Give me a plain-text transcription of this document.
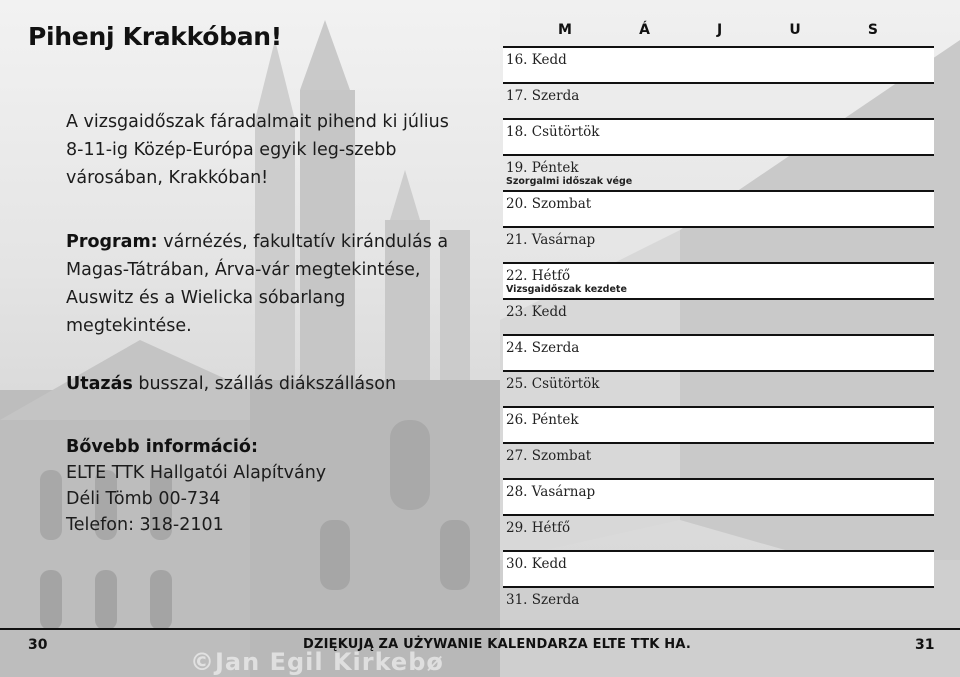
©Jan Egil Kirkebø
Pihenj Krakkóban!
A vizsgaidőszak fáradalmait pihend ki július 8-11-ig Közép-Európa egyik leg-szebb városában, Krakkóban!
Program: várnézés, fakultatív kirándulás a Magas-Tátrában, Árva-vár megtekintése, Auswitz és a Wielicka sóbarlang megtekintése.
Utazás busszal, szállás diákszálláson
Bővebb információ:
ELTE TTK Hallgatói Alapítvány
Déli Tömb 00-734
Telefon: 318-2101
M	Á	J	U	S
16. Kedd
17. Szerda
18. Csütörtök
19. Péntek
Szorgalmi időszak vége
20. Szombat
21. Vasárnap
22. Hétfő
Vizsgaidőszak kezdete
23. Kedd
24. Szerda
25. Csütörtök
26. Péntek
27. Szombat
28. Vasárnap
29. Hétfő
30. Kedd
31. Szerda
30	DZIĘKUJĄ ZA UŻYWANIE KALENDARZA ELTE TTK HA.	31
